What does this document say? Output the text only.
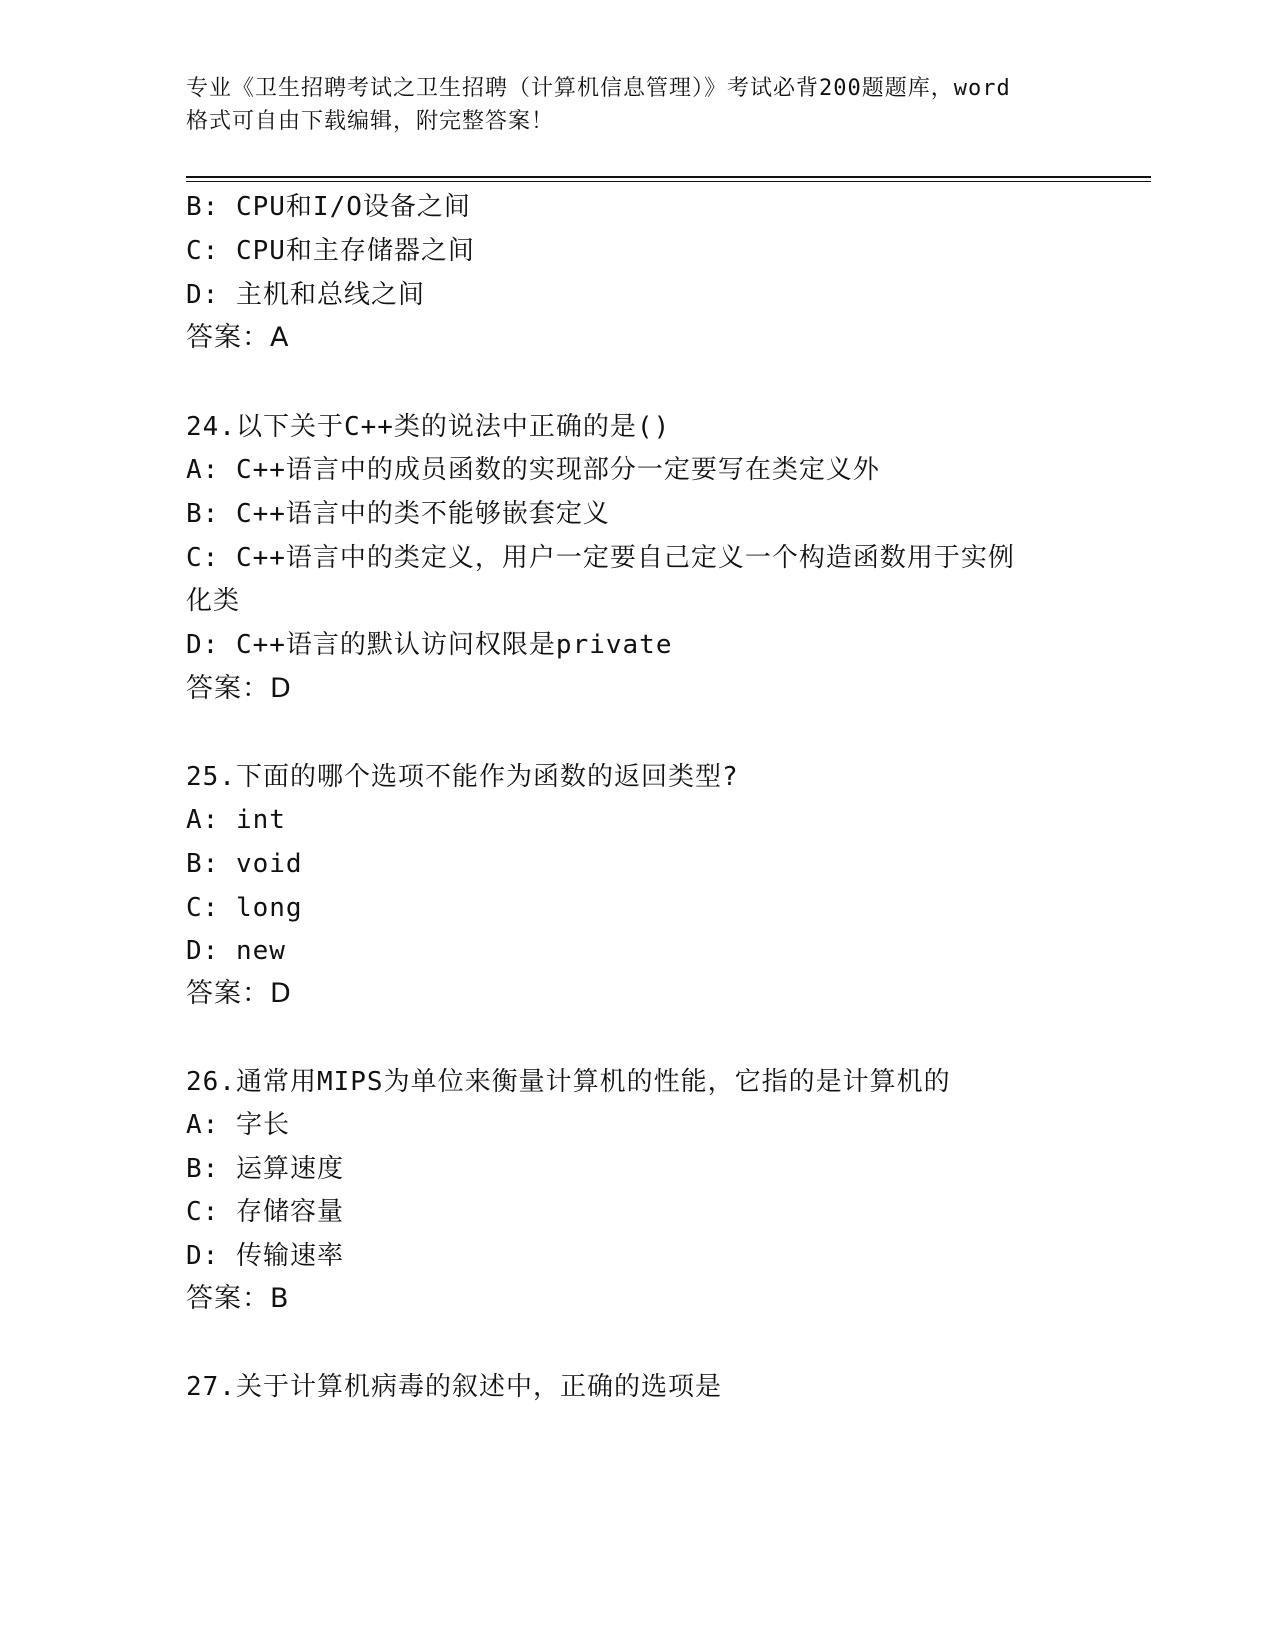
专业《卫生招聘考试之卫生招聘（计算机信息管理）》考试必背200题题库，word
格式可自由下载编辑，附完整答案！
B: CPU和I/O设备之间
C: CPU和主存储器之间
D: 主机和总线之间
答案：A
24.以下关于C++类的说法中正确的是()
A: C++语言中的成员函数的实现部分一定要写在类定义外
B: C++语言中的类不能够嵌套定义
C: C++语言中的类定义，用户一定要自己定义一个构造函数用于实例
化类
D: C++语言的默认访问权限是private
答案：D
25.下面的哪个选项不能作为函数的返回类型?
A: int
B: void
C: long
D: new
答案：D
26.通常用MIPS为单位来衡量计算机的性能，它指的是计算机的
A: 字长
B: 运算速度
C: 存储容量
D: 传输速率
答案：B
27.关于计算机病毒的叙述中，正确的选项是
